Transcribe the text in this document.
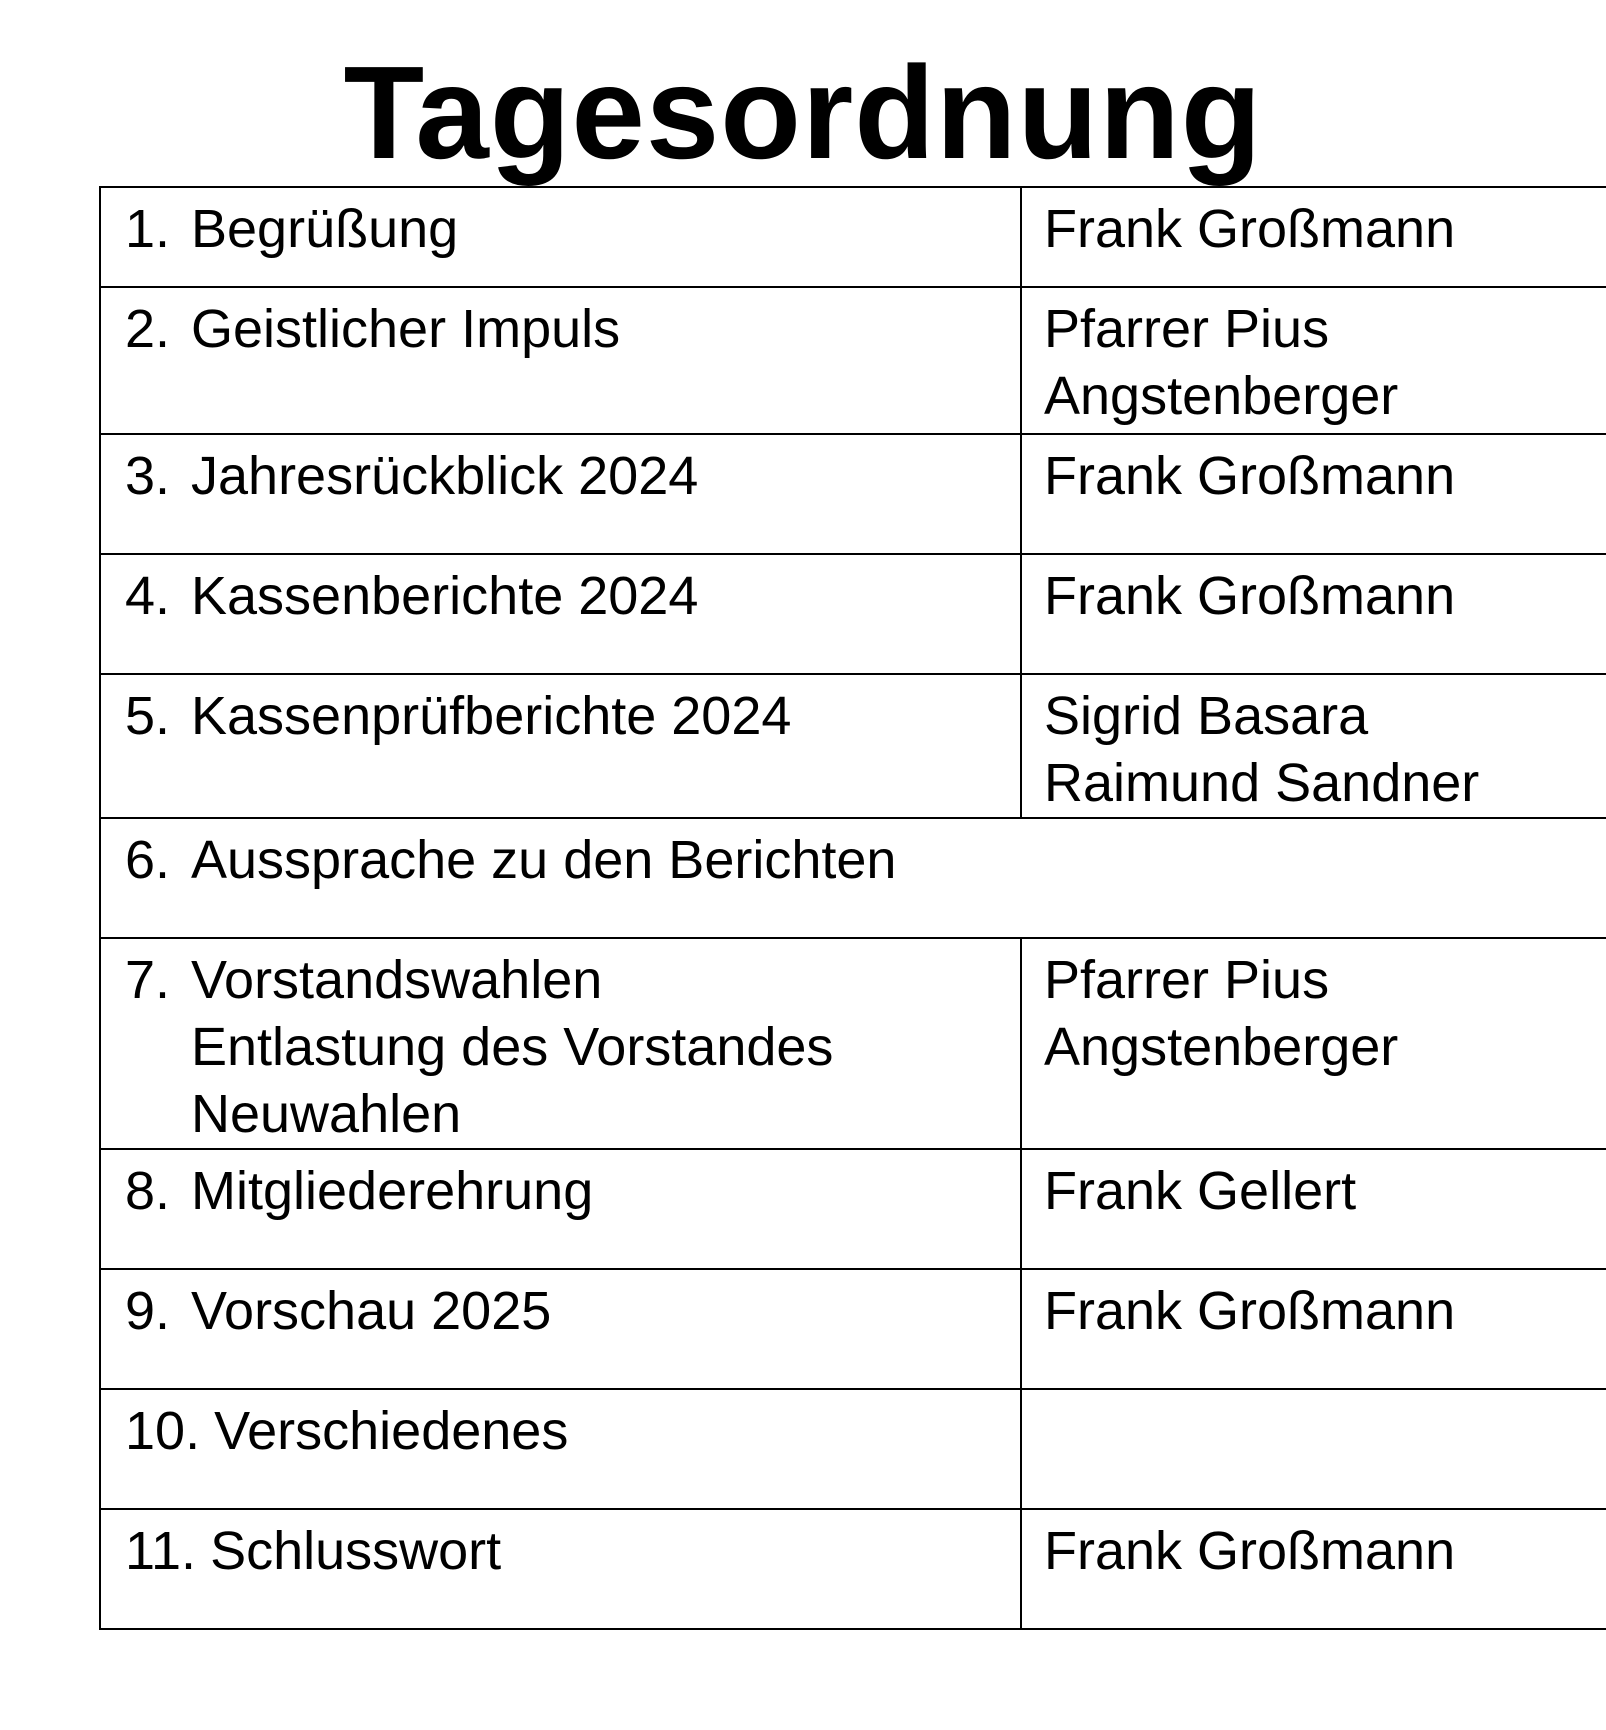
Tagesordnung
1. Begrüßung	Frank Großmann

2. Geistlicher Impuls	Pfarrer Pius
Angstenberger

3. Jahresrückblick 2024	Frank Großmann

4. Kassenberichte 2024	Frank Großmann

5. Kassenprüfberichte 2024	Sigrid Basara
Raimund Sandner

6. Aussprache zu den Berichten	

7. Vorstandswahlen
Entlastung des Vorstandes
Neuwahlen	Pfarrer Pius
Angstenberger

8. Mitgliederehrung	Frank Gellert

9. Vorschau 2025	Frank Großmann

10. Verschiedenes	

11. Schlusswort	Frank Großmann
